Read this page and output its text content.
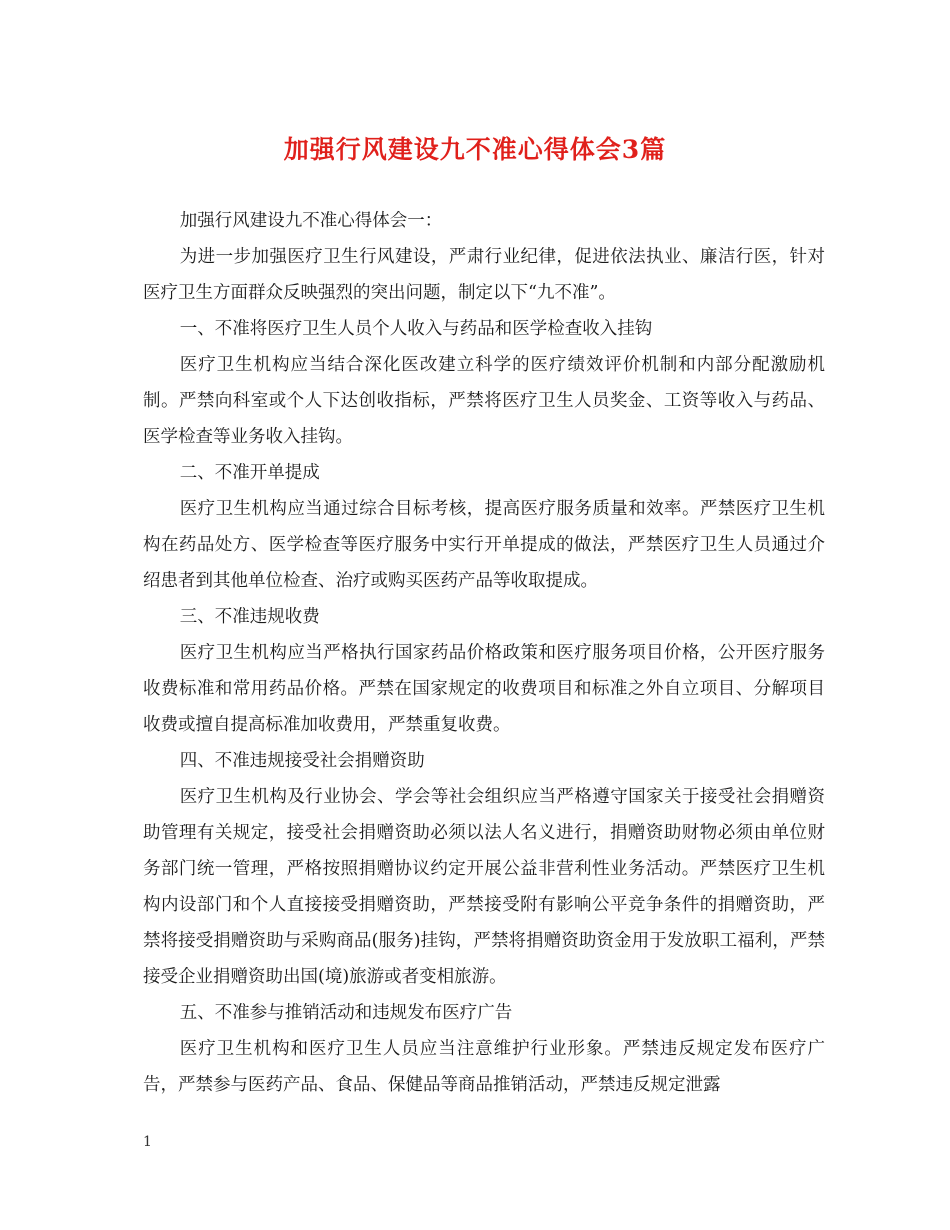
加强行风建设九不准心得体会3篇

加强行风建设九不准心得体会一：

为进一步加强医疗卫生行风建设，严肃行业纪律，促进依法执业、廉洁行医，针对医疗卫生方面群众反映强烈的突出问题，制定以下“九不准”。

一、不准将医疗卫生人员个人收入与药品和医学检查收入挂钩

医疗卫生机构应当结合深化医改建立科学的医疗绩效评价机制和内部分配激励机制。严禁向科室或个人下达创收指标，严禁将医疗卫生人员奖金、工资等收入与药品、医学检查等业务收入挂钩。

二、不准开单提成

医疗卫生机构应当通过综合目标考核，提高医疗服务质量和效率。严禁医疗卫生机构在药品处方、医学检查等医疗服务中实行开单提成的做法，严禁医疗卫生人员通过介绍患者到其他单位检查、治疗或购买医药产品等收取提成。

三、不准违规收费

医疗卫生机构应当严格执行国家药品价格政策和医疗服务项目价格，公开医疗服务收费标准和常用药品价格。严禁在国家规定的收费项目和标准之外自立项目、分解项目收费或擅自提高标准加收费用，严禁重复收费。

四、不准违规接受社会捐赠资助

医疗卫生机构及行业协会、学会等社会组织应当严格遵守国家关于接受社会捐赠资助管理有关规定，接受社会捐赠资助必须以法人名义进行，捐赠资助财物必须由单位财务部门统一管理，严格按照捐赠协议约定开展公益非营利性业务活动。严禁医疗卫生机构内设部门和个人直接接受捐赠资助，严禁接受附有影响公平竞争条件的捐赠资助，严禁将接受捐赠资助与采购商品(服务)挂钩，严禁将捐赠资助资金用于发放职工福利，严禁接受企业捐赠资助出国(境)旅游或者变相旅游。

五、不准参与推销活动和违规发布医疗广告

医疗卫生机构和医疗卫生人员应当注意维护行业形象。严禁违反规定发布医疗广告，严禁参与医药产品、食品、保健品等商品推销活动，严禁违反规定泄露

1
